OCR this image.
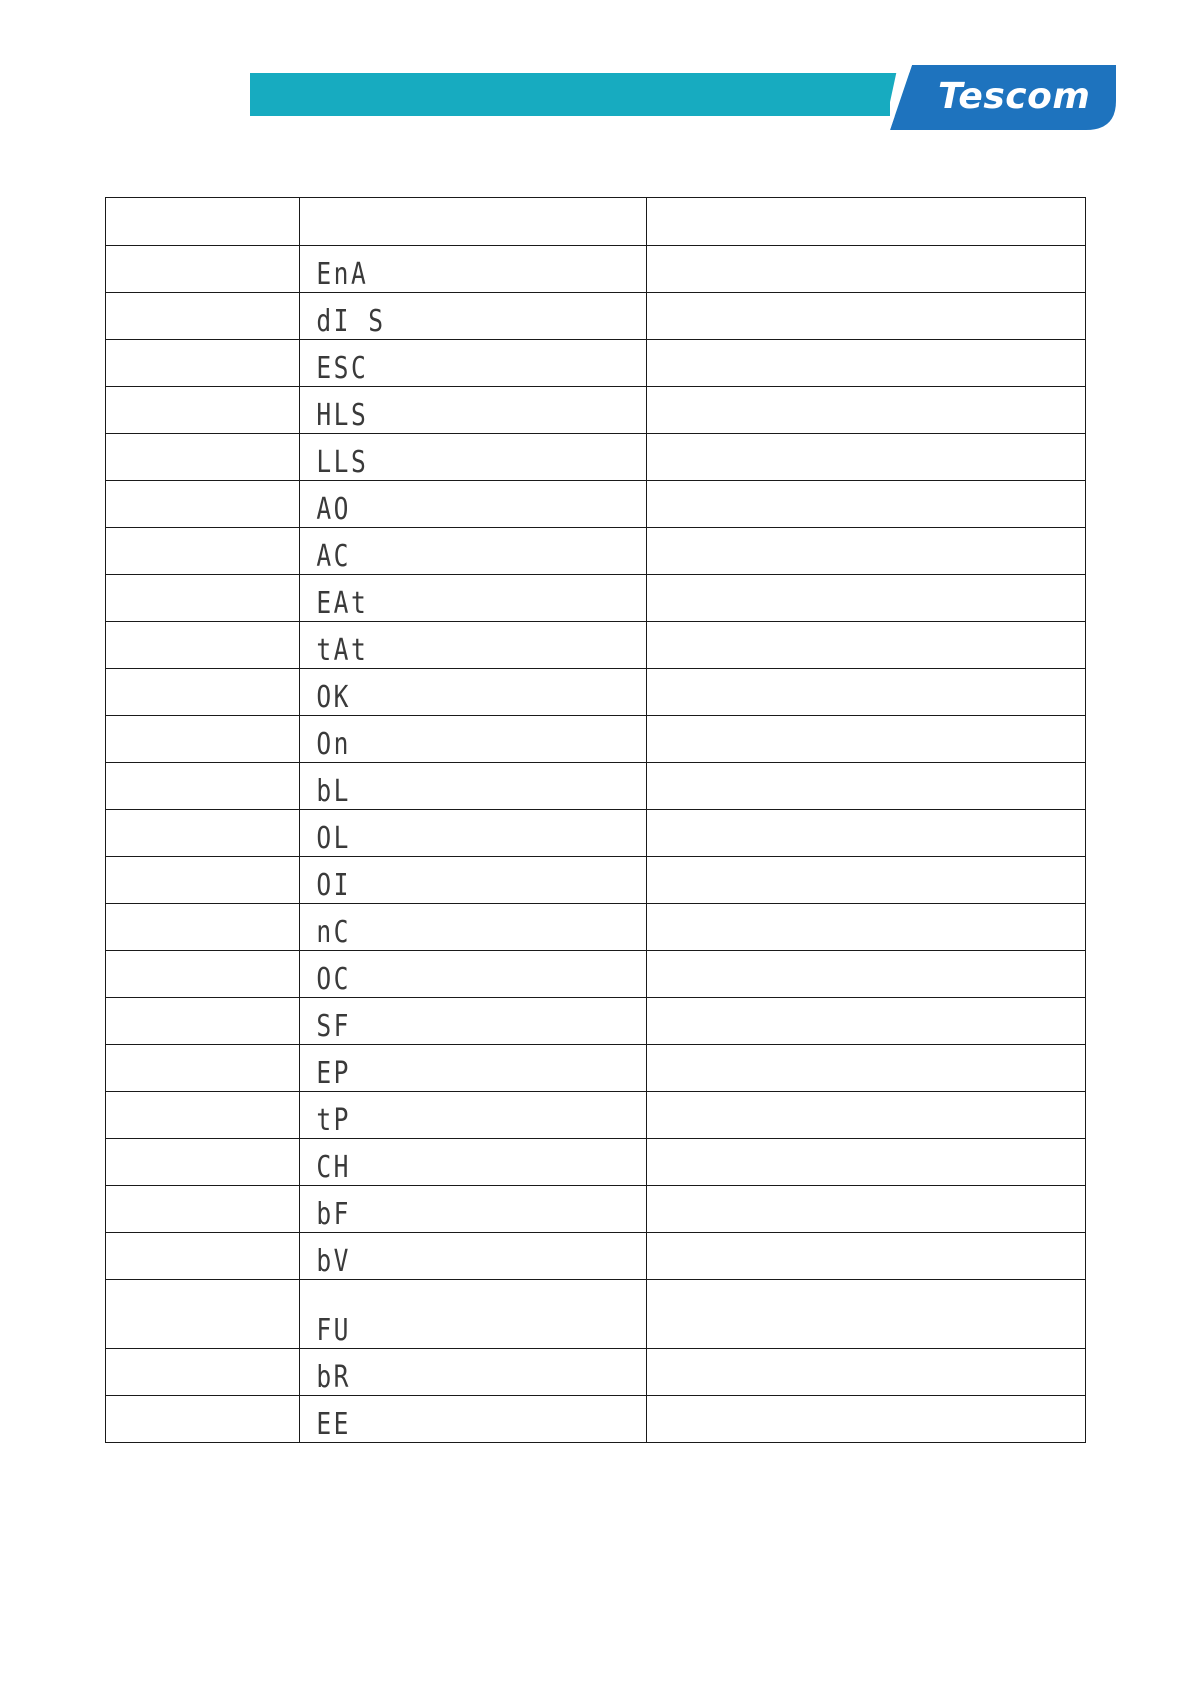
Tescom

	EnA	

	dI S	

	ESC	

	HLS	

	LLS	

	AO	

	AC	

	EAt	

	tAt	

	OK	

	On	

	bL	

	OL	

	OI	

	nC	

	OC	

	SF	

	EP	

	tP	

	CH	

	bF	

	bV	

	FU	

	bR	

	EE	
